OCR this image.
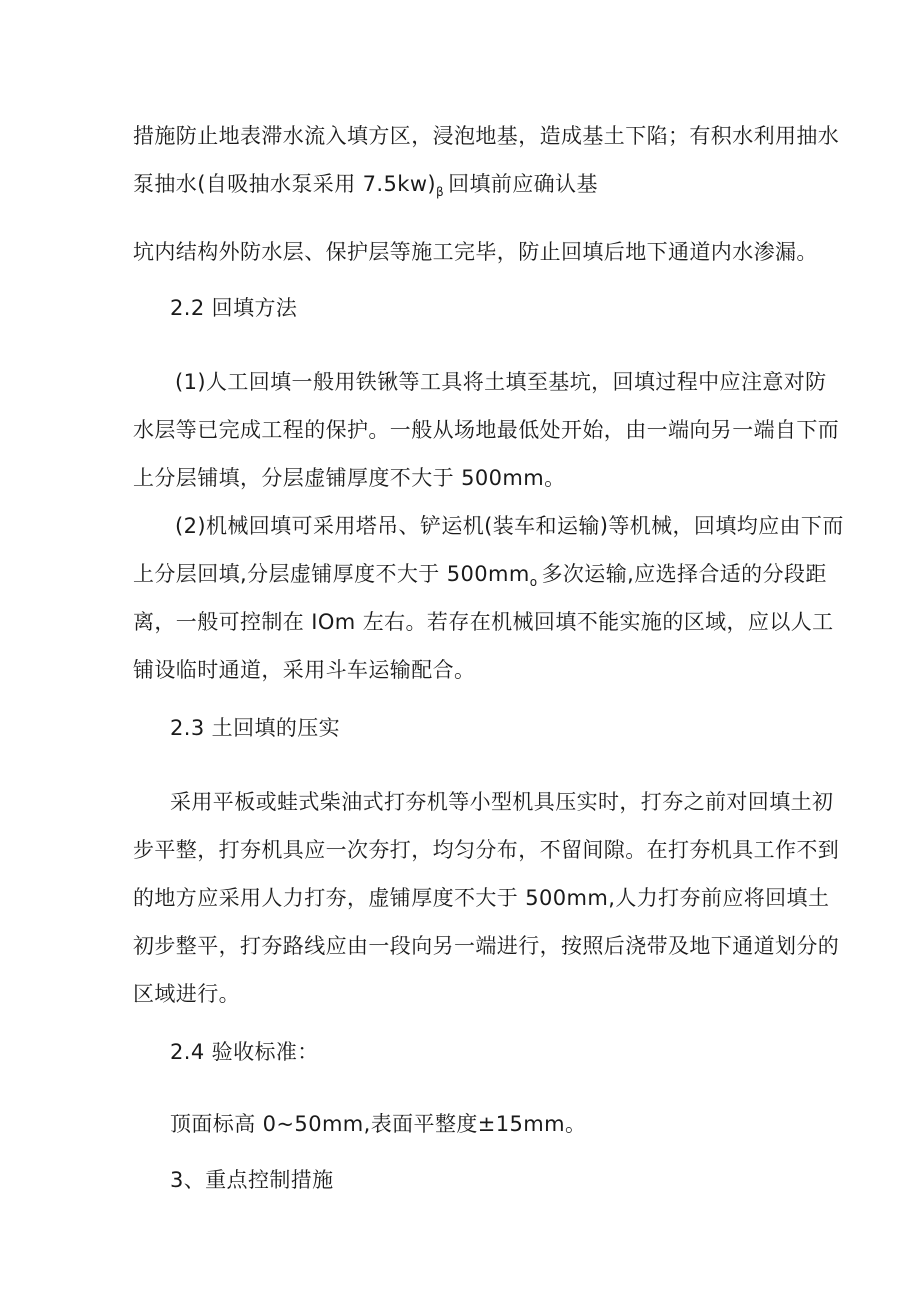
措施防止地表滞水流入填方区，浸泡地基，造成基土下陷；有积水利用抽水
泵抽水(自吸抽水泵采用 $7.5kw)_\beta$ 回填前应确认基
坑内结构外防水层、保护层等施工完毕，防止回填后地下通道内水渗漏。
2.2 回填方法
(1)人工回填一般用铁锹等工具将土填至基坑，回填过程中应注意对防
水层等已完成工程的保护。一般从场地最低处开始，由一端向另一端自下而
上分层铺填，分层虚铺厚度不大于 500mm。
(2)机械回填可采用塔吊、铲运机(装车和运输)等机械，回填均应由下而
上分层回填,分层虚铺厚度不大于 $500mm_o$ 多次运输,应选择合适的分段距
离，一般可控制在 IOm 左右。若存在机械回填不能实施的区域，应以人工
铺设临时通道，采用斗车运输配合。
2.3 土回填的压实
采用平板或蛙式柴油式打夯机等小型机具压实时，打夯之前对回填土初
步平整，打夯机具应一次夯打，均匀分布，不留间隙。在打夯机具工作不到
的地方应采用人力打夯，虚铺厚度不大于 500mm,人力打夯前应将回填土
初步整平，打夯路线应由一段向另一端进行，按照后浇带及地下通道划分的
区域进行。
2.4 验收标准：
顶面标高 0~50mm,表面平整度±15mm。
3、重点控制措施
